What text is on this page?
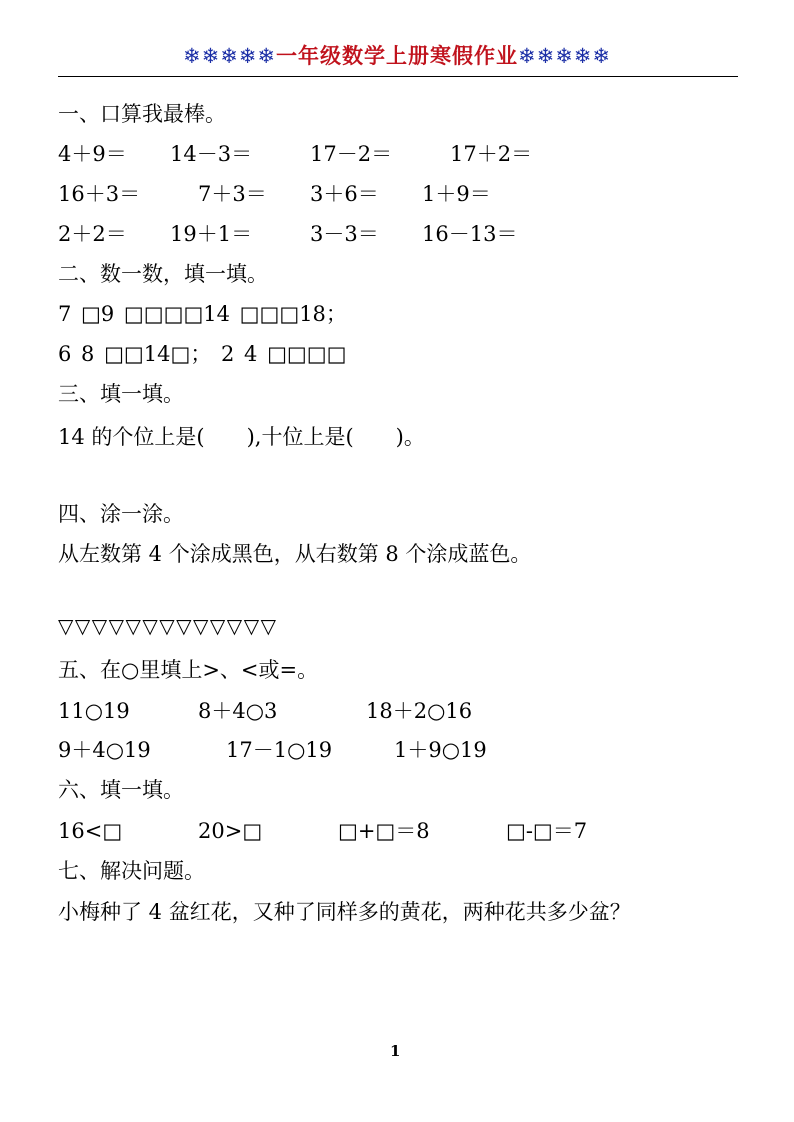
❄❄❄❄❄一年级数学上册寒假作业❄❄❄❄❄
一、口算我最棒。
4＋9＝ 14－3＝	17－2＝	17＋2＝
16＋3＝	7＋3＝ 3＋6＝ 1＋9＝
2＋2＝ 19＋1＝	3－3＝ 16－13＝
二、数一数，填一填。
7 □9 □□□□14 □□□18；
6 8 □□14□； 2 4 □□□□
三、填一填。
14 的个位上是(　　),十位上是(　　)。
四、涂一涂。
从左数第 4 个涂成黑色，从右数第 8 个涂成蓝色。
▽▽▽▽▽▽▽▽▽▽▽▽▽
五、在○里填上>、<或=。
11○19	8＋4○3	18＋2○16
9＋4○19	17－1○19	1＋9○19
六、填一填。
16<□	20>□	□+□＝8	□-□＝7
七、解决问题。
小梅种了 4 盆红花，又种了同样多的黄花，两种花共多少盆？
1
